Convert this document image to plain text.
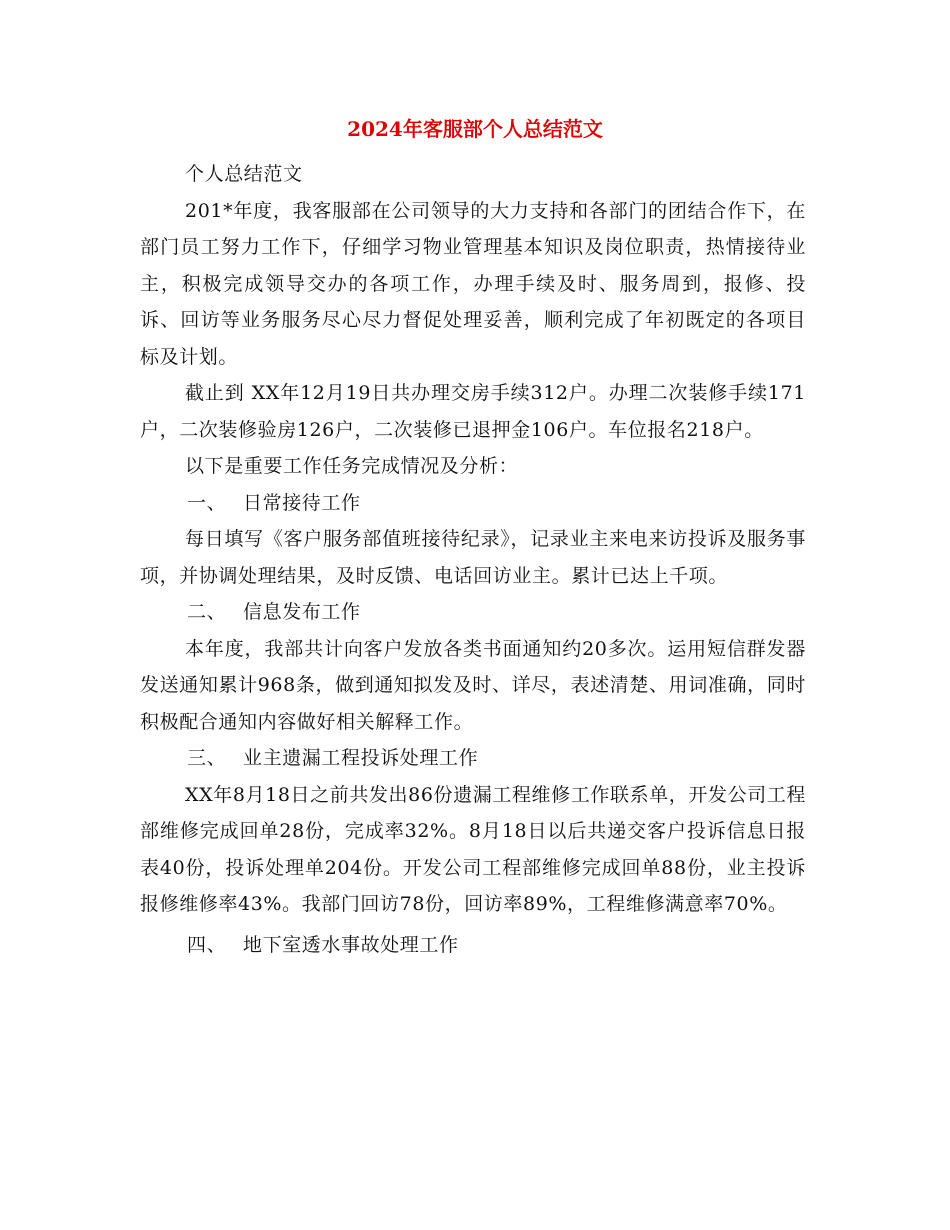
2024年客服部个人总结范文

个人总结范文

201*年度，我客服部在公司领导的大力支持和各部门的团结合作下，在部门员工努力工作下，仔细学习物业管理基本知识及岗位职责，热情接待业主，积极完成领导交办的各项工作，办理手续及时、服务周到，报修、投诉、回访等业务服务尽心尽力督促处理妥善，顺利完成了年初既定的各项目标及计划。

截止到 XX年12月19日共办理交房手续312户。办理二次装修手续171户，二次装修验房126户，二次装修已退押金106户。车位报名218户。

以下是重要工作任务完成情况及分析：

一、 日常接待工作

每日填写《客户服务部值班接待纪录》，记录业主来电来访投诉及服务事项，并协调处理结果，及时反馈、电话回访业主。累计已达上千项。

二、 信息发布工作

本年度，我部共计向客户发放各类书面通知约20多次。运用短信群发器发送通知累计968条，做到通知拟发及时、详尽，表述清楚、用词准确，同时积极配合通知内容做好相关解释工作。

三、 业主遗漏工程投诉处理工作

XX年8月18日之前共发出86份遗漏工程维修工作联系单，开发公司工程部维修完成回单28份，完成率32%。8月18日以后共递交客户投诉信息日报表40份，投诉处理单204份。开发公司工程部维修完成回单88份，业主投诉报修维修率43%。我部门回访78份，回访率89%，工程维修满意率70%。

四、 地下室透水事故处理工作
